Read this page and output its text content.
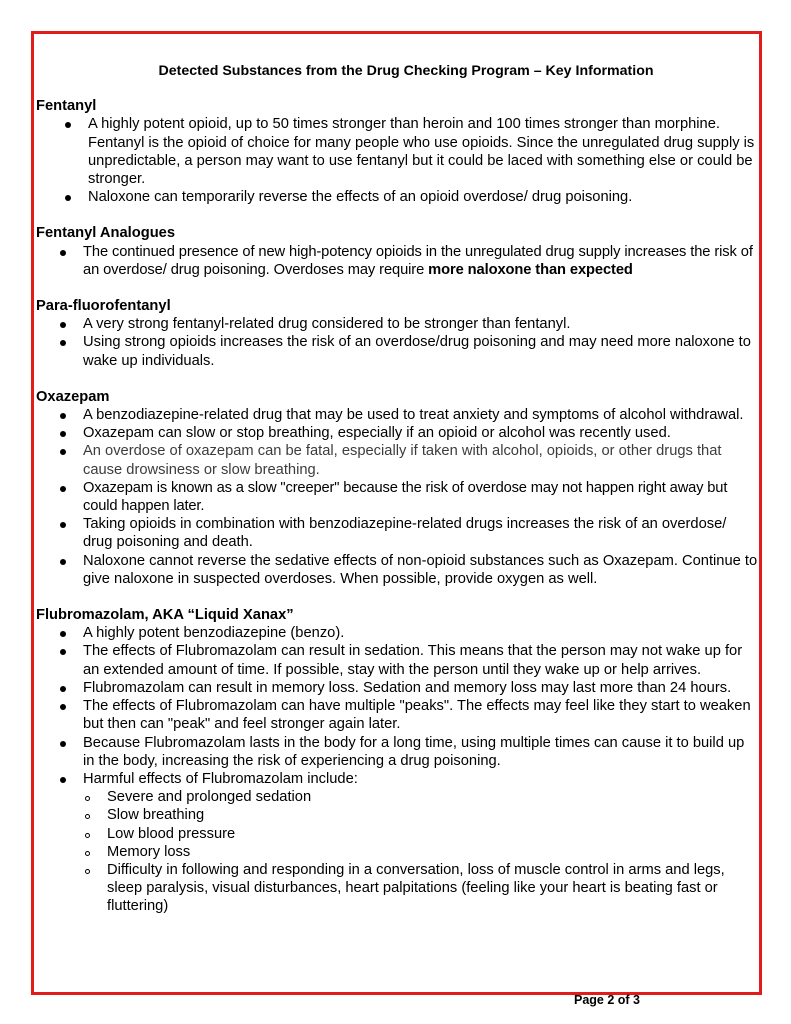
Detected Substances from the Drug Checking Program – Key Information
Fentanyl
A highly potent opioid, up to 50 times stronger than heroin and 100 times stronger than morphine. Fentanyl is the opioid of choice for many people who use opioids. Since the unregulated drug supply is unpredictable, a person may want to use fentanyl but it could be laced with something else or could be stronger.
Naloxone can temporarily reverse the effects of an opioid overdose/ drug poisoning.
Fentanyl Analogues
The continued presence of new high-potency opioids in the unregulated drug supply increases the risk of an overdose/ drug poisoning. Overdoses may require more naloxone than expected
Para-fluorofentanyl
A very strong fentanyl-related drug considered to be stronger than fentanyl.
Using strong opioids increases the risk of an overdose/drug poisoning and may need more naloxone to wake up individuals.
Oxazepam
A benzodiazepine-related drug that may be used to treat anxiety and symptoms of alcohol withdrawal.
Oxazepam can slow or stop breathing, especially if an opioid or alcohol was recently used.
An overdose of oxazepam can be fatal, especially if taken with alcohol, opioids, or other drugs that cause drowsiness or slow breathing.
Oxazepam is known as a slow "creeper" because the risk of overdose may not happen right away but could happen later.
Taking opioids in combination with benzodiazepine-related drugs increases the risk of an overdose/ drug poisoning and death.
Naloxone cannot reverse the sedative effects of non-opioid substances such as Oxazepam. Continue to give naloxone in suspected overdoses. When possible, provide oxygen as well.
Flubromazolam, AKA “Liquid Xanax”
A highly potent benzodiazepine (benzo).
The effects of Flubromazolam can result in sedation. This means that the person may not wake up for an extended amount of time. If possible, stay with the person until they wake up or help arrives.
Flubromazolam can result in memory loss. Sedation and memory loss may last more than 24 hours.
The effects of Flubromazolam can have multiple "peaks". The effects may feel like they start to weaken but then can "peak" and feel stronger again later.
Because Flubromazolam lasts in the body for a long time, using multiple times can cause it to build up in the body, increasing the risk of experiencing a drug poisoning.
Harmful effects of Flubromazolam include:
Severe and prolonged sedation
Slow breathing
Low blood pressure
Memory loss
Difficulty in following and responding in a conversation, loss of muscle control in arms and legs, sleep paralysis, visual disturbances, heart palpitations (feeling like your heart is beating fast or fluttering)
Page 2 of 3
